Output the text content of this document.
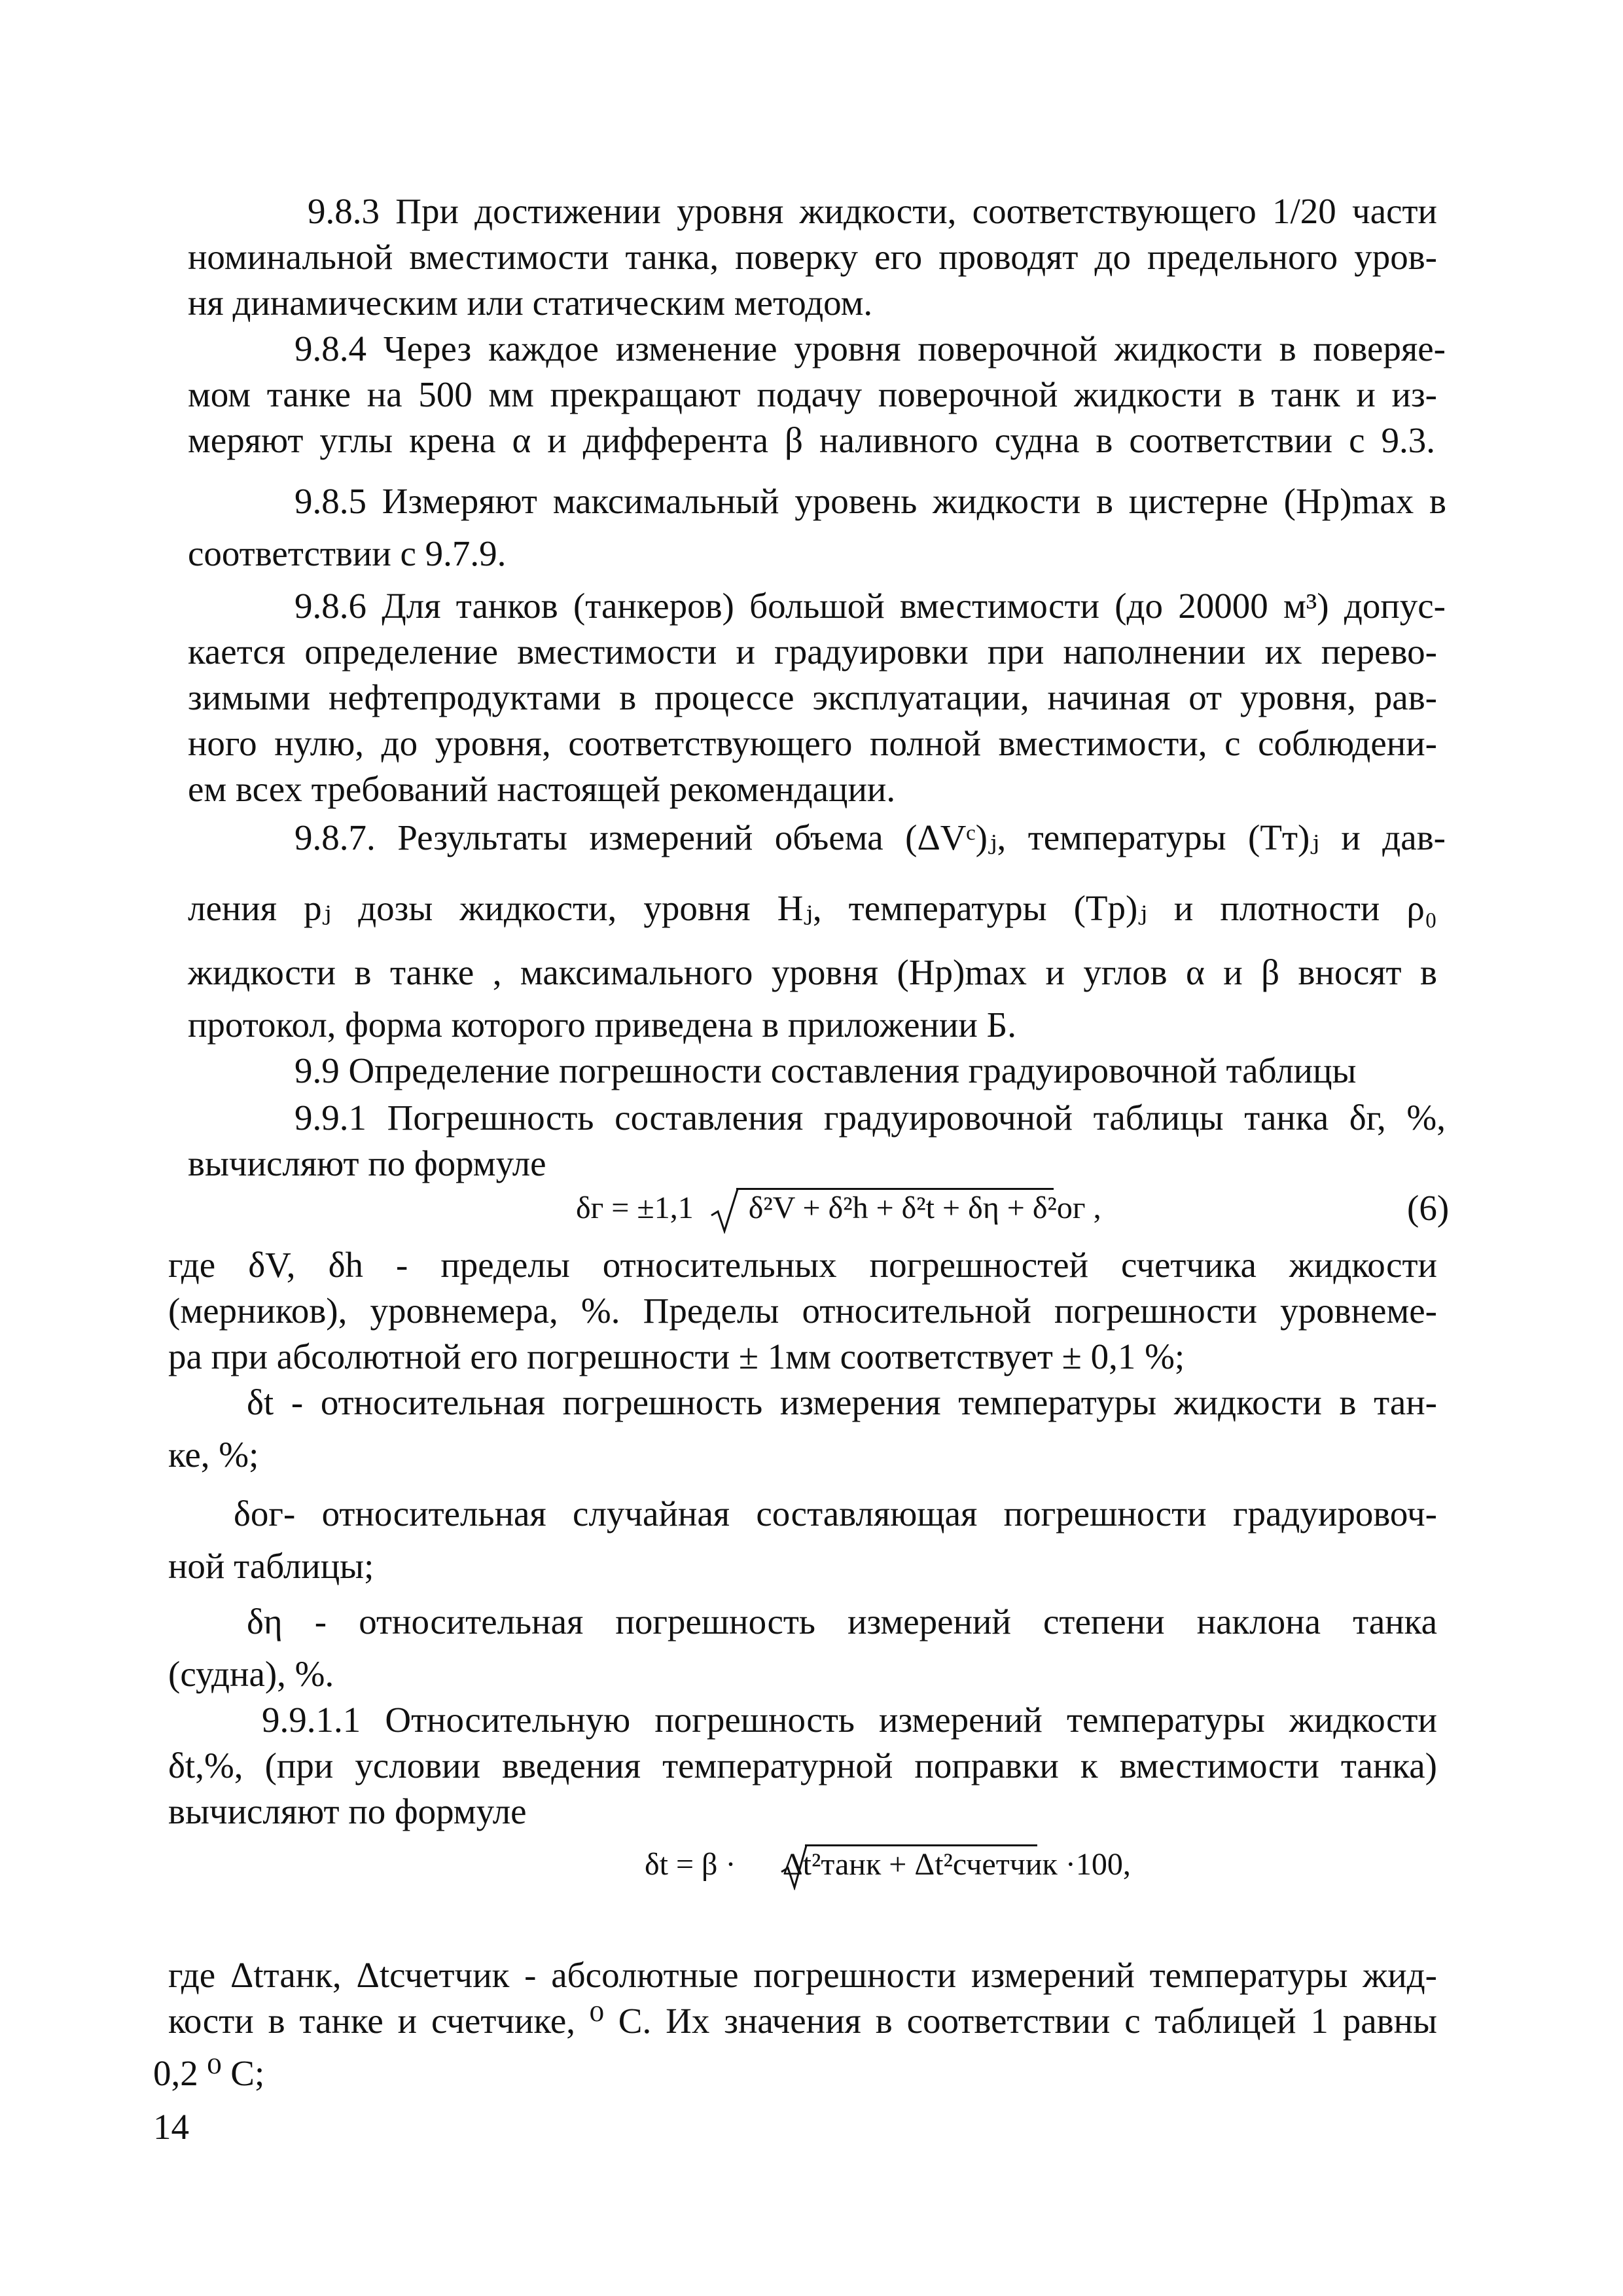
9.8.3 При достижении уровня жидкости, соответствующего 1/20 части
номинальной вместимости танка, поверку его проводят до предельного уров-
ня динамическим или статическим методом.
9.8.4 Через каждое изменение уровня поверочной жидкости в поверяе-
мом танке на 500 мм прекращают подачу поверочной жидкости в танк и из-
меряют углы крена α и дифферента β наливного судна в соответствии с 9.3.
9.8.5 Измеряют максимальный уровень жидкости в цистерне (Hp)max в
соответствии с 9.7.9.
9.8.6 Для танков (танкеров) большой вместимости (до 20000 м³) допус-
кается определение вместимости и градуировки при наполнении их перево-
зимыми нефтепродуктами в процессе эксплуатации, начиная от уровня, рав-
ного нулю, до уровня, соответствующего полной вместимости, с соблюдени-
ем всех требований настоящей рекомендации.
9.8.7. Результаты измерений объема (ΔVᶜ)ⱼ, температуры (Tт)ⱼ и дав-
ления pⱼ дозы жидкости, уровня Hⱼ, температуры (Tp)ⱼ и плотности ρ₀
жидкости в танке , максимального уровня (Hp)max и углов α и β вносят в
протокол, форма которого приведена в приложении Б.
9.9 Определение погрешности составления градуировочной таблицы
9.9.1 Погрешность составления градуировочной таблицы танка δг, %,
вычисляют по формуле
где δV, δh - пределы относительных погрешностей счетчика жидкости
(мерников), уровнемера, %. Пределы относительной погрешности уровнеме-
ра при абсолютной его погрешности ± 1мм соответствует ± 0,1 %;
δt - относительная погрешность измерения температуры жидкости в тан-
ке, %;
δог- относительная случайная составляющая погрешности градуировоч-
ной таблицы;
δη - относительная погрешность измерений степени наклона танка
(судна), %.
9.9.1.1 Относительную погрешность измерений температуры жидкости
δt,%, (при условии введения температурной поправки к вместимости танка)
вычисляют по формуле
где Δtтанк, Δtсчетчик - абсолютные погрешности измерений температуры жид-
кости в танке и счетчике, ⁰ С. Их значения в соответствии с таблицей 1 равны
0,2 ⁰ С;
δг = ±1,1 δ²V + δ²h + δ²t + δη + δ²ог ,	(6)
δt = β · Δt²танк + Δt²счетчик ·100,
14
